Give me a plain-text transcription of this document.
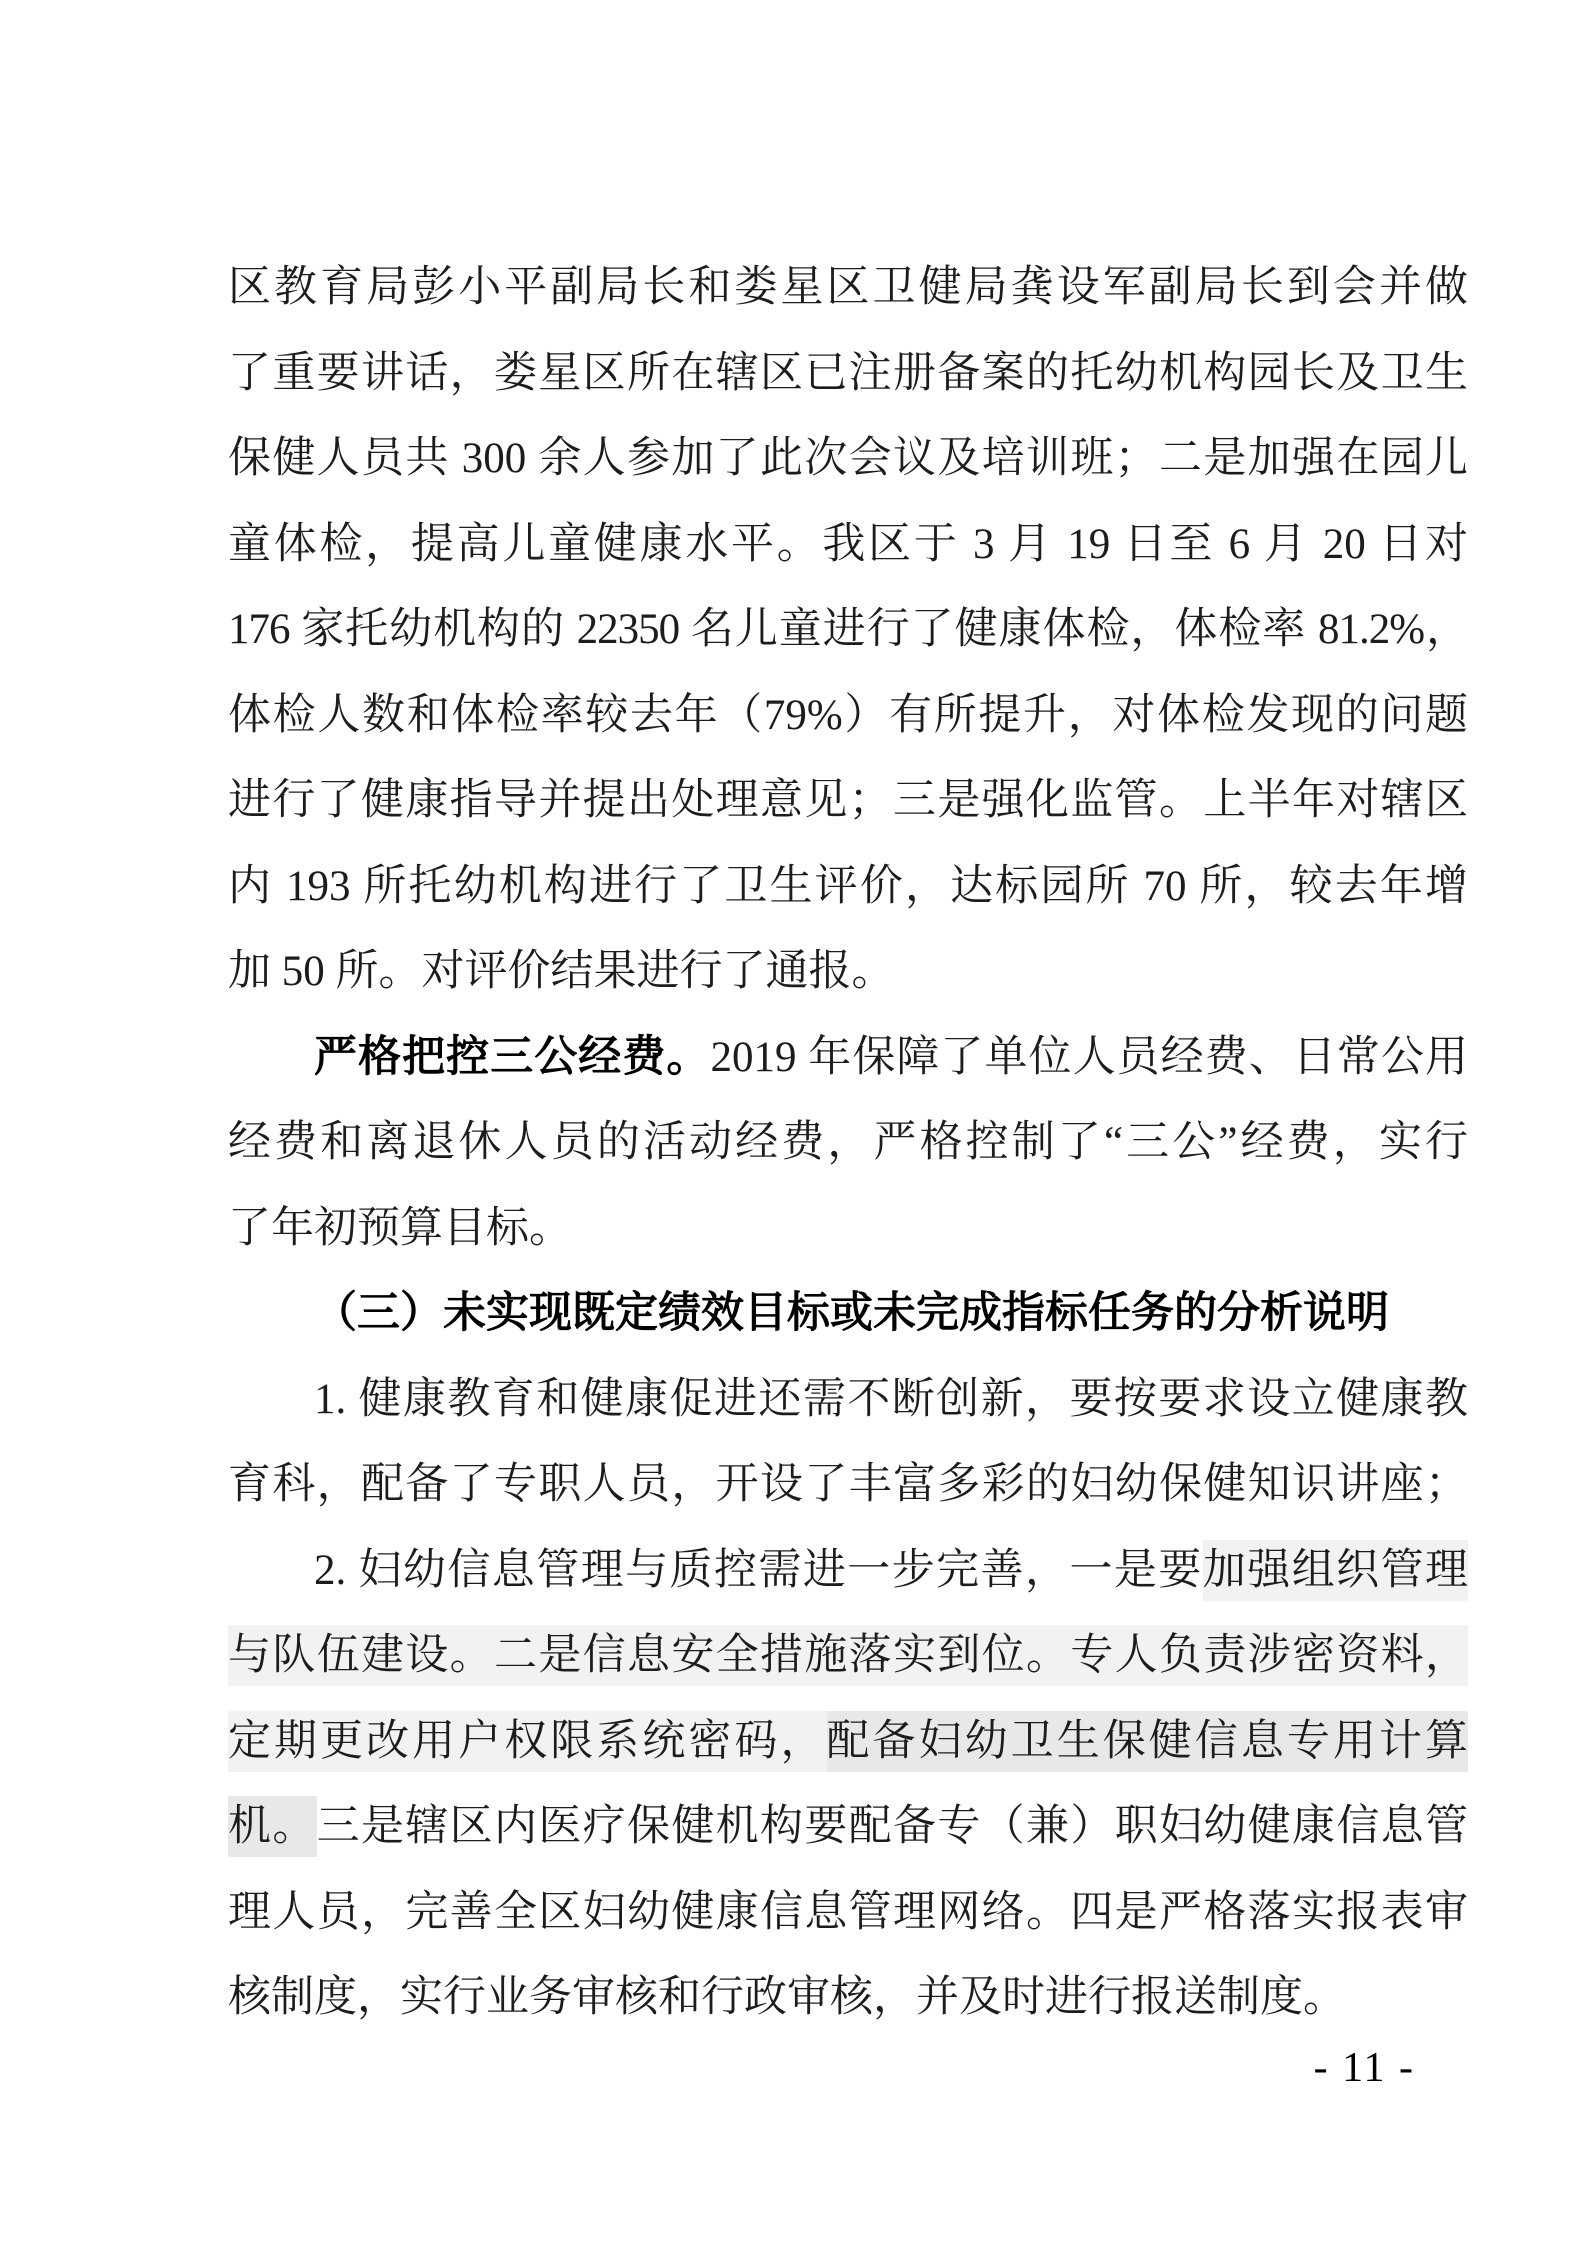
区教育局彭小平副局长和娄星区卫健局龚设军副局长到会并做
了重要讲话，娄星区所在辖区已注册备案的托幼机构园长及卫生
保健人员共 300 余人参加了此次会议及培训班；二是加强在园儿
童体检，提高儿童健康水平。我区于 3 月 19 日至 6 月 20 日对
176 家托幼机构的 22350 名儿童进行了健康体检，体检率 81.2%，
体检人数和体检率较去年（79%）有所提升，对体检发现的问题
进行了健康指导并提出处理意见；三是强化监管。上半年对辖区
内 193 所托幼机构进行了卫生评价，达标园所 70 所，较去年增
加 50 所。对评价结果进行了通报。
严格把控三公经费。2019 年保障了单位人员经费、日常公用
经费和离退休人员的活动经费，严格控制了“三公”经费，实行
了年初预算目标。
（三）未实现既定绩效目标或未完成指标任务的分析说明
1. 健康教育和健康促进还需不断创新，要按要求设立健康教
育科，配备了专职人员，开设了丰富多彩的妇幼保健知识讲座；
2. 妇幼信息管理与质控需进一步完善，一是要加强组织管理
与队伍建设。二是信息安全措施落实到位。专人负责涉密资料，
定期更改用户权限系统密码，配备妇幼卫生保健信息专用计算
机。三是辖区内医疗保健机构要配备专（兼）职妇幼健康信息管
理人员，完善全区妇幼健康信息管理网络。四是严格落实报表审
核制度，实行业务审核和行政审核，并及时进行报送制度。
- 11 -
